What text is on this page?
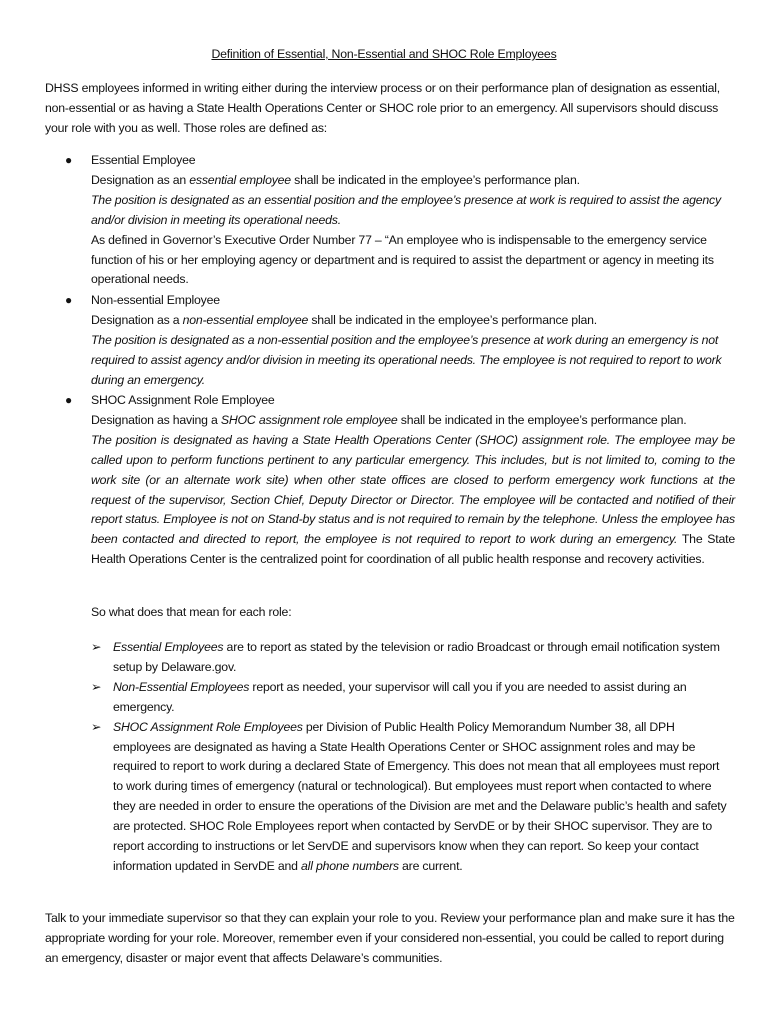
Definition of Essential, Non-Essential and SHOC Role Employees

DHSS employees informed in writing either during the interview process or on their performance plan of designation as essential, non-essential or as having a State Health Operations Center or SHOC role prior to an emergency. All supervisors should discuss your role with you as well. Those roles are defined as:

● Essential Employee

Designation as an essential employee shall be indicated in the employee’s performance plan.

The position is designated as an essential position and the employee’s presence at work is required to assist the agency and/or division in meeting its operational needs.

As defined in Governor’s Executive Order Number 77 – “An employee who is indispensable to the emergency service function of his or her employing agency or department and is required to assist the department or agency in meeting its operational needs.

● Non-essential Employee

Designation as a non-essential employee shall be indicated in the employee’s performance plan.

The position is designated as a non-essential position and the employee’s presence at work during an emergency is not required to assist agency and/or division in meeting its operational needs. The employee is not required to report to work during an emergency.

● SHOC Assignment Role Employee

Designation as having a SHOC assignment role employee shall be indicated in the employee’s performance plan.

The position is designated as having a State Health Operations Center (SHOC) assignment role. The employee may be called upon to perform functions pertinent to any particular emergency. This includes, but is not limited to, coming to the work site (or an alternate work site) when other state offices are closed to perform emergency work functions at the request of the supervisor, Section Chief, Deputy Director or Director. The employee will be contacted and notified of their report status. Employee is not on Stand-by status and is not required to remain by the telephone. Unless the employee has been contacted and directed to report, the employee is not required to report to work during an emergency. The State Health Operations Center is the centralized point for coordination of all public health response and recovery activities.

So what does that mean for each role:

➢ Essential Employees are to report as stated by the television or radio Broadcast or through email notification system setup by Delaware.gov.
➢ Non-Essential Employees report as needed, your supervisor will call you if you are needed to assist during an emergency.
➢ SHOC Assignment Role Employees per Division of Public Health Policy Memorandum Number 38, all DPH employees are designated as having a State Health Operations Center or SHOC assignment roles and may be required to report to work during a declared State of Emergency. This does not mean that all employees must report to work during times of emergency (natural or technological). But employees must report when contacted to where they are needed in order to ensure the operations of the Division are met and the Delaware public’s health and safety are protected. SHOC Role Employees report when contacted by ServDE or by their SHOC supervisor. They are to report according to instructions or let ServDE and supervisors know when they can report. So keep your contact information updated in ServDE and all phone numbers are current.

Talk to your immediate supervisor so that they can explain your role to you. Review your performance plan and make sure it has the appropriate wording for your role. Moreover, remember even if your considered non-essential, you could be called to report during an emergency, disaster or major event that affects Delaware’s communities.
